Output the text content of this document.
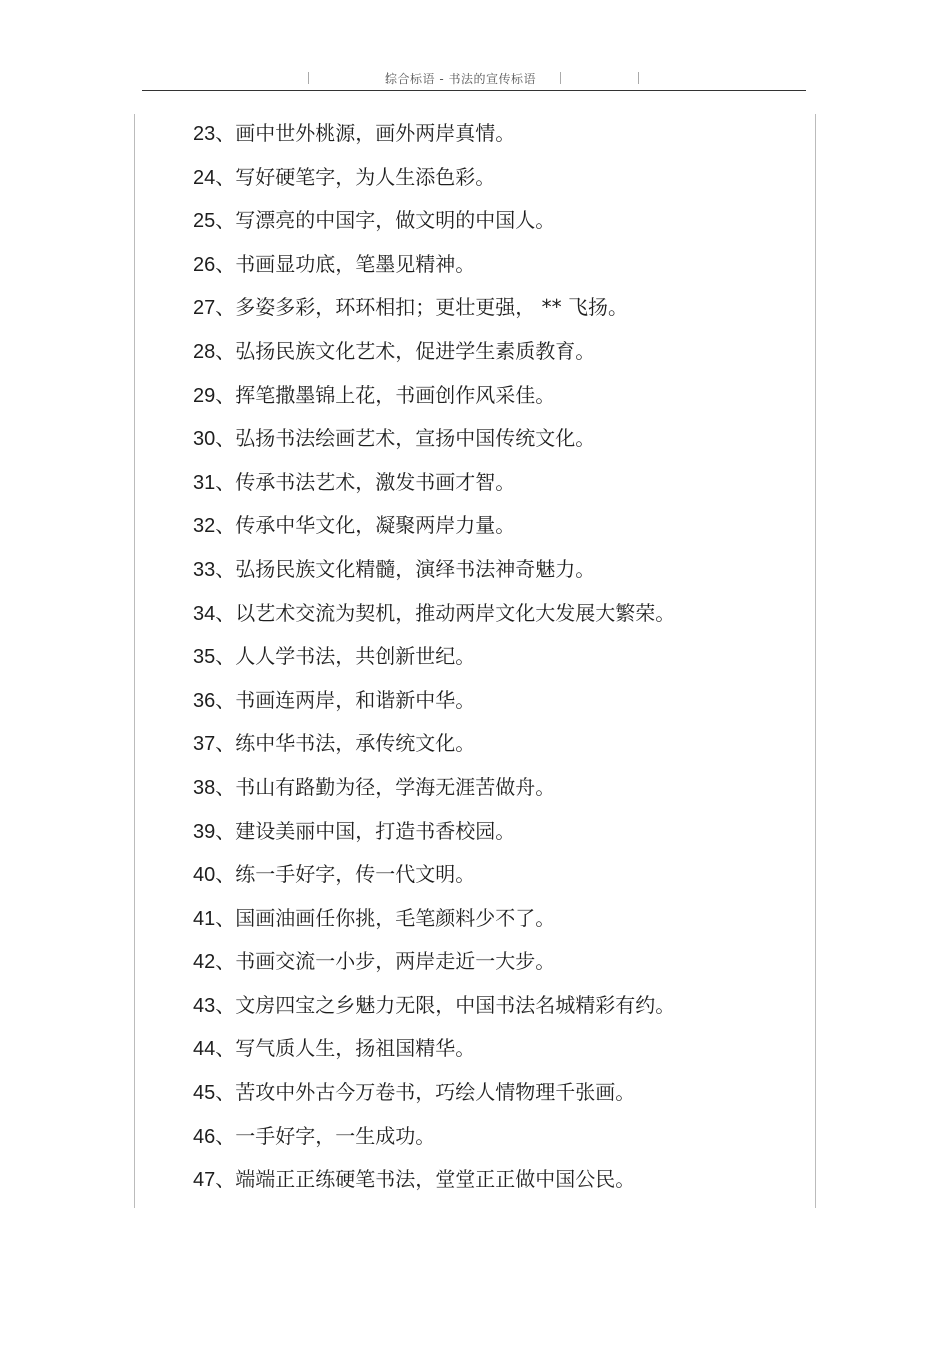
综合标语 - 书法的宣传标语
23、画中世外桃源，画外两岸真情。
24、写好硬笔字，为人生添色彩。
25、写漂亮的中国字，做文明的中国人。
26、书画显功底，笔墨见精神。
27、多姿多彩，环环相扣；更壮更强， ** 飞扬。
28、弘扬民族文化艺术，促进学生素质教育。
29、挥笔撒墨锦上花，书画创作风采佳。
30、弘扬书法绘画艺术，宣扬中国传统文化。
31、传承书法艺术，激发书画才智。
32、传承中华文化，凝聚两岸力量。
33、弘扬民族文化精髓，演绎书法神奇魅力。
34、以艺术交流为契机，推动两岸文化大发展大繁荣。
35、人人学书法，共创新世纪。
36、书画连两岸，和谐新中华。
37、练中华书法，承传统文化。
38、书山有路勤为径，学海无涯苦做舟。
39、建设美丽中国，打造书香校园。
40、练一手好字，传一代文明。
41、国画油画任你挑，毛笔颜料少不了。
42、书画交流一小步，两岸走近一大步。
43、文房四宝之乡魅力无限，中国书法名城精彩有约。
44、写气质人生，扬祖国精华。
45、苦攻中外古今万卷书，巧绘人情物理千张画。
46、一手好字，一生成功。
47、端端正正练硬笔书法，堂堂正正做中国公民。
